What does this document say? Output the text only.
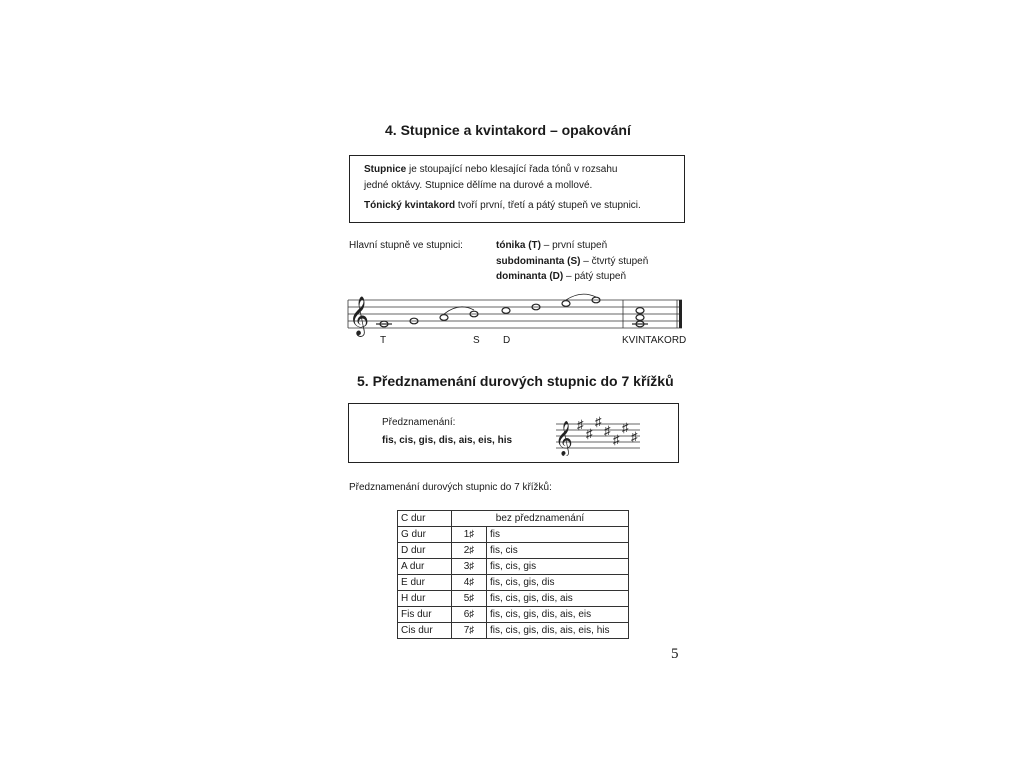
4. Stupnice a kvintakord – opakování
Stupnice je stoupající nebo klesající řada tónů v rozsahu
jedné oktávy. Stupnice dělíme na durové a mollové.
Tónický kvintakord tvoří první, třetí a pátý stupeň ve stupnici.
Hlavní stupně ve stupnici:	tónika (T) – první stupeň
subdominanta (S) – čtvrtý stupeň
dominanta (D) – pátý stupeň
𝄞
T	S D	KVINTAKORD
5. Předznamenání durových stupnic do 7 křížků
Předznamenání:
fis, cis, gis, dis, ais, eis, his 𝄞 ♯
♯
♯
♯
♯
♯
♯
Předznamenání durových stupnic do 7 křížků:
C dur	bez předznamenání	
G dur	1♯	fis
D dur	2♯	fis, cis
A dur	3♯	fis, cis, gis
E dur	4♯	fis, cis, gis, dis
H dur	5♯	fis, cis, gis, dis, ais
Fis dur	6♯	fis, cis, gis, dis, ais, eis
Cis dur	7♯	fis, cis, gis, dis, ais, eis, his
5
